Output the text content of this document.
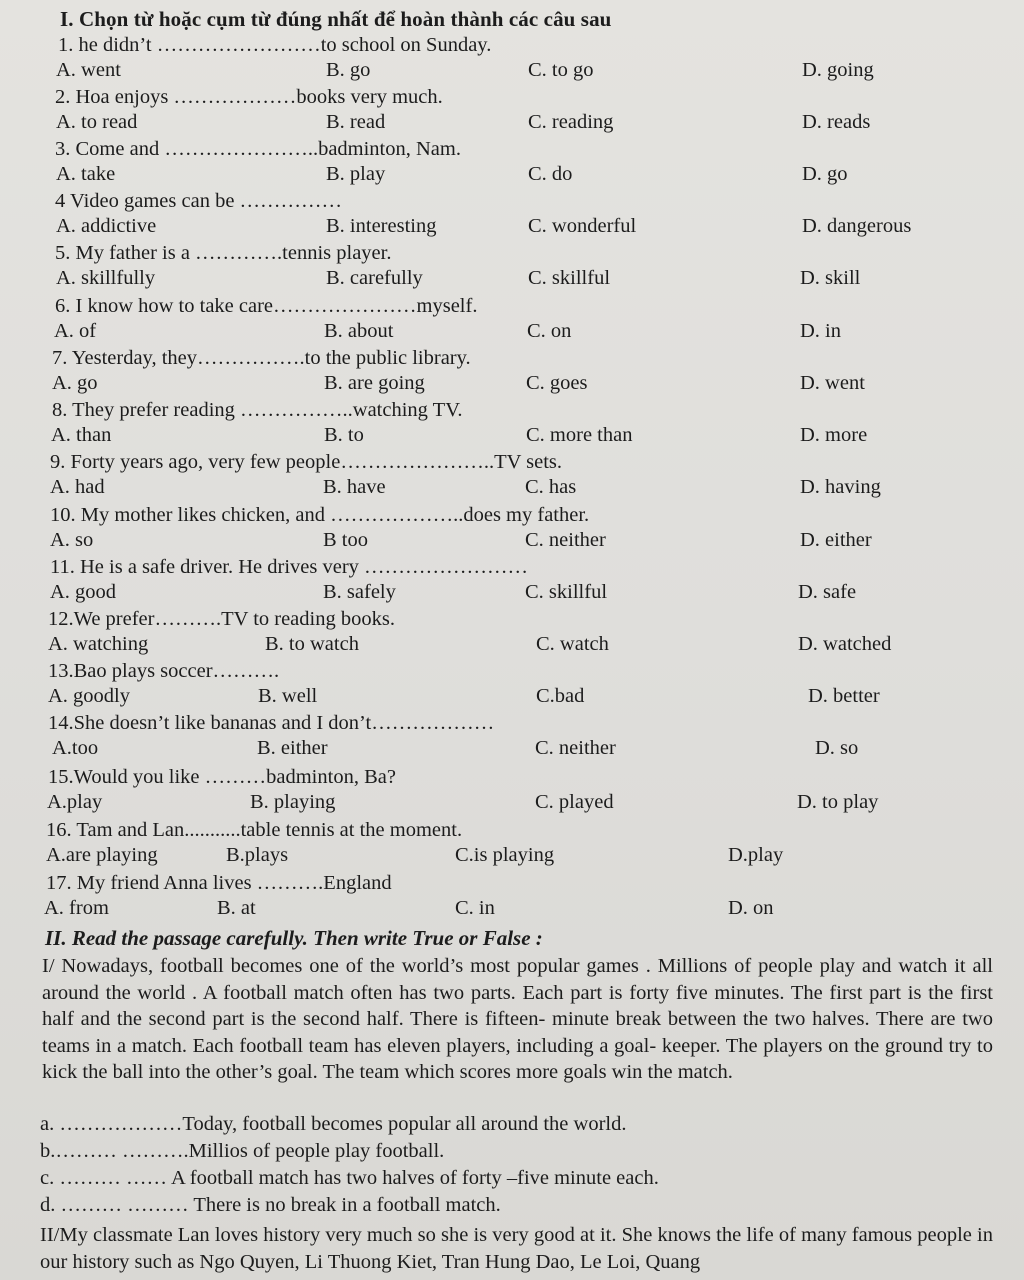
I. Chọn từ hoặc cụm từ đúng nhất để hoàn thành các câu sau
1. he didn’t ……………………to school on Sunday.
A. went	B. go	C. to go	D. going
2. Hoa enjoys ………………books very much.
A. to read	B. read	C. reading	D. reads
3. Come and …………………..badminton, Nam.
A. take	B. play	C. do	D. go
4 Video games can be ……………
A. addictive	B. interesting	C. wonderful	D. dangerous
5. My father is a ………….tennis player.
A. skillfully	B. carefully	C. skillful	D. skill
6. I know how to take care…………………myself.
A. of	B. about	C. on	D. in
7. Yesterday, they…………….to the public library.
A. go	B. are going	C. goes	D. went
8. They prefer reading ……………..watching TV.
A. than	B. to	C. more than	D. more
9. Forty years ago, very few people…………………..TV sets.
A. had	B. have	C. has	D. having
10. My mother likes chicken, and ………………..does my father.
A. so	B too	C. neither	D. either
11. He is a safe driver. He drives very ……………………
A. good	B. safely	C. skillful	D. safe
12.We prefer……….TV to reading books.
A. watching	B. to watch	C. watch	D. watched
13.Bao plays soccer……….
A. goodly	B. well	C.bad	D. better
14.She doesn’t like bananas and I don’t………………
A.too	B. either	C. neither	D. so
15.Would you like ………badminton, Ba?
A.play	B. playing	C. played	D. to play
16. Tam and Lan...........table tennis at the moment.
A.are playing	B.plays	C.is playing	D.play
17. My friend Anna lives ……….England
A. from	B. at	C. in	D. on
II. Read the passage carefully. Then write True or False :

I/ Nowadays, football becomes one of the world’s most popular games . Millions of people play and watch it all around the world . A football match often has two parts. Each part is forty five minutes. The first part is the first half and the second part is the second half. There is fifteen- minute break between the two halves. There are two teams in a match. Each football team has eleven players, including a goal- keeper. The players on the ground try to kick the ball into the other’s goal. The team which scores more goals win the match.

a. ………………Today, football becomes popular all around the world.
b.……… ……….Millios of people play football.
c. ……… …… A football match has two halves of forty –five minute each.
d. ……… ……… There is no break in a football match.

II/My classmate Lan loves history very much so she is very good at it. She knows the life of many famous people in our history such as Ngo Quyen, Li Thuong Kiet, Tran Hung Dao, Le Loi, Quang
